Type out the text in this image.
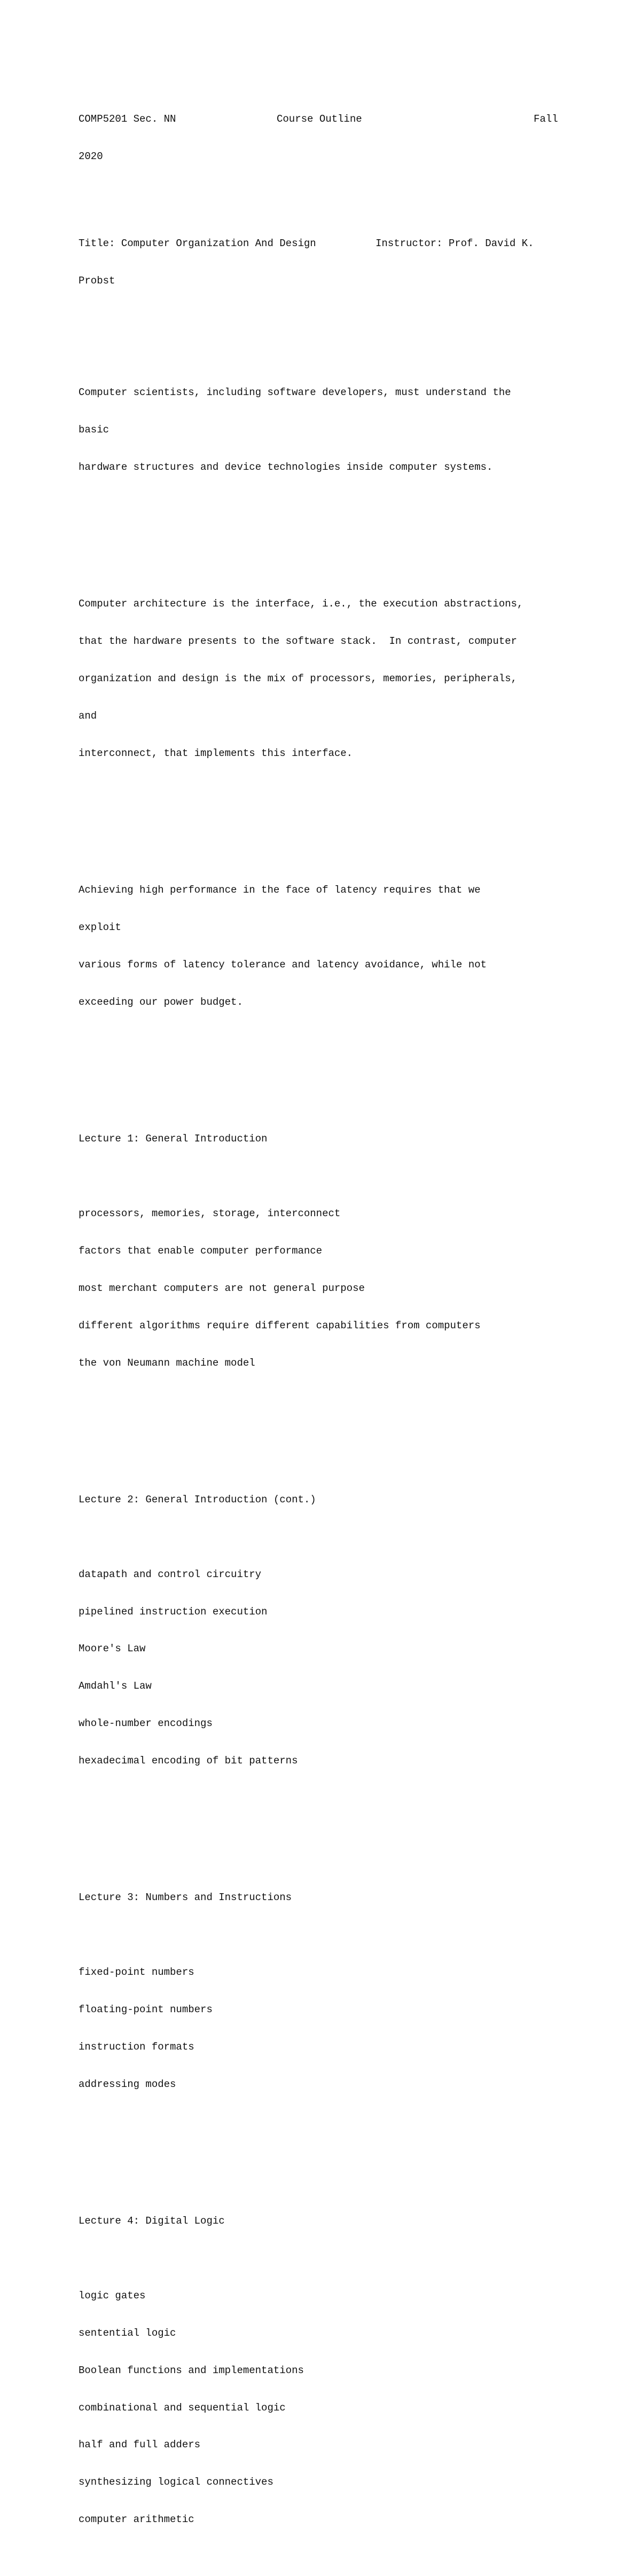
COMP5201 Sec. NN

	Course Outline

	Fall

2020

Title: Computer Organization And Design

	Instructor: Prof. David K.

Probst

Computer scientists, including software developers, must understand the

basic

hardware structures and device technologies inside computer systems.

Computer architecture is the interface, i.e., the execution abstractions,

that the hardware presents to the software stack.  In contrast, computer

organization and design is the mix of processors, memories, peripherals,

and

interconnect, that implements this interface.

Achieving high performance in the face of latency requires that we

exploit

various forms of latency tolerance and latency avoidance, while not

exceeding our power budget.

Lecture 1: General Introduction

processors, memories, storage, interconnect

factors that enable computer performance

most merchant computers are not general purpose

different algorithms require different capabilities from computers

the von Neumann machine model

Lecture 2: General Introduction (cont.)

datapath and control circuitry

pipelined instruction execution

Moore's Law

Amdahl's Law

whole-number encodings

hexadecimal encoding of bit patterns

Lecture 3: Numbers and Instructions

fixed-point numbers

floating-point numbers

instruction formats

addressing modes

Lecture 4: Digital Logic

logic gates

sentential logic

Boolean functions and implementations

combinational and sequential logic

half and full adders

synthesizing logical connectives

computer arithmetic
